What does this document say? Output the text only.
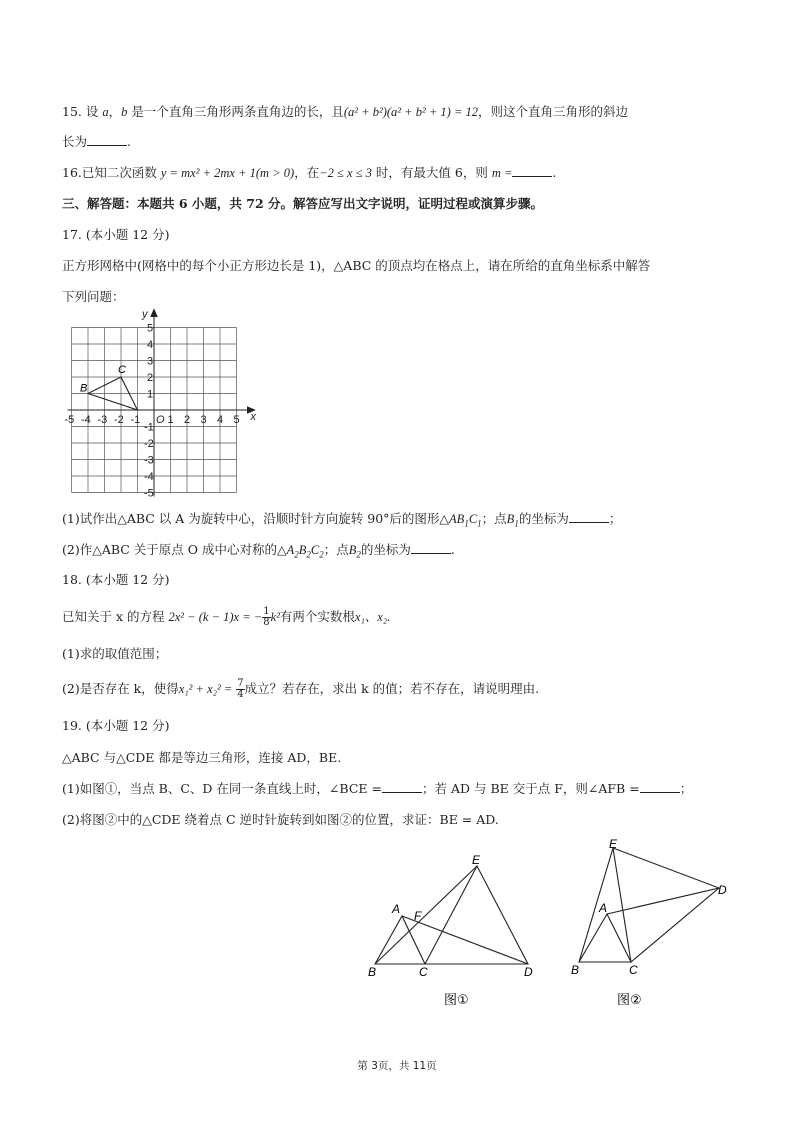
15. 设 a，b 是一个直角三角形两条直角边的长，且(a² + b²)(a² + b² + 1) = 12，则这个直角三角形的斜边
长为	.
16.已知二次函数 y = mx² + 2mx + 1(m > 0)，在−2 ≤ x ≤ 3 时，有最大值 6，则 m =	.
三、解答题：本题共 6 小题，共 72 分。解答应写出文字说明，证明过程或演算步骤。
17. (本小题 12 分)
正方形网格中(网格中的每个小正方形边长是 1)，△ABC 的顶点均在格点上，请在所给的直角坐标系中解答
下列问题：
-5 -4 -3 -2 -1 1 2 3 4 5
5
4
3
2
1
-1
-2
-3
-4
-5
O	x
y
B
C
(1)试作出△ABC 以 A 为旋转中心，沿顺时针方向旋转 90°后的图形$\triangle AB_1C_1$；点$B_1$的坐标为	；
(2)作△ABC 关于原点 O 成中心对称的$\triangle A_2B_2C_2$；点$B_2$的坐标为	.
18. (本小题 12 分)
已知关于 x 的方程 2x² − (k − 1)x = − $\frac{1}{8} k^2$有两个实数根x₁、x₂.
(1)求的取值范围；
(2)是否存在 k，使得$x_1^2 + x_2^2 = \frac{7}{4}$ 成立？若存在，求出 k 的值；若不存在，请说明理由.
19. (本小题 12 分)
△ABC 与△CDE 都是等边三角形，连接 AD，BE.
(1)如图①，当点 B、C、D 在同一条直线上时，∠BCE =	；若 AD 与 BE 交于点 F，则∠AFB =	；
(2)将图②中的△CDE 绕着点 C 逆时针旋转到如图②的位置，求证：BE = AD.
A F
E
B	C	D
图①
E
D
A
B	C
图②
第 3页，共 11页
